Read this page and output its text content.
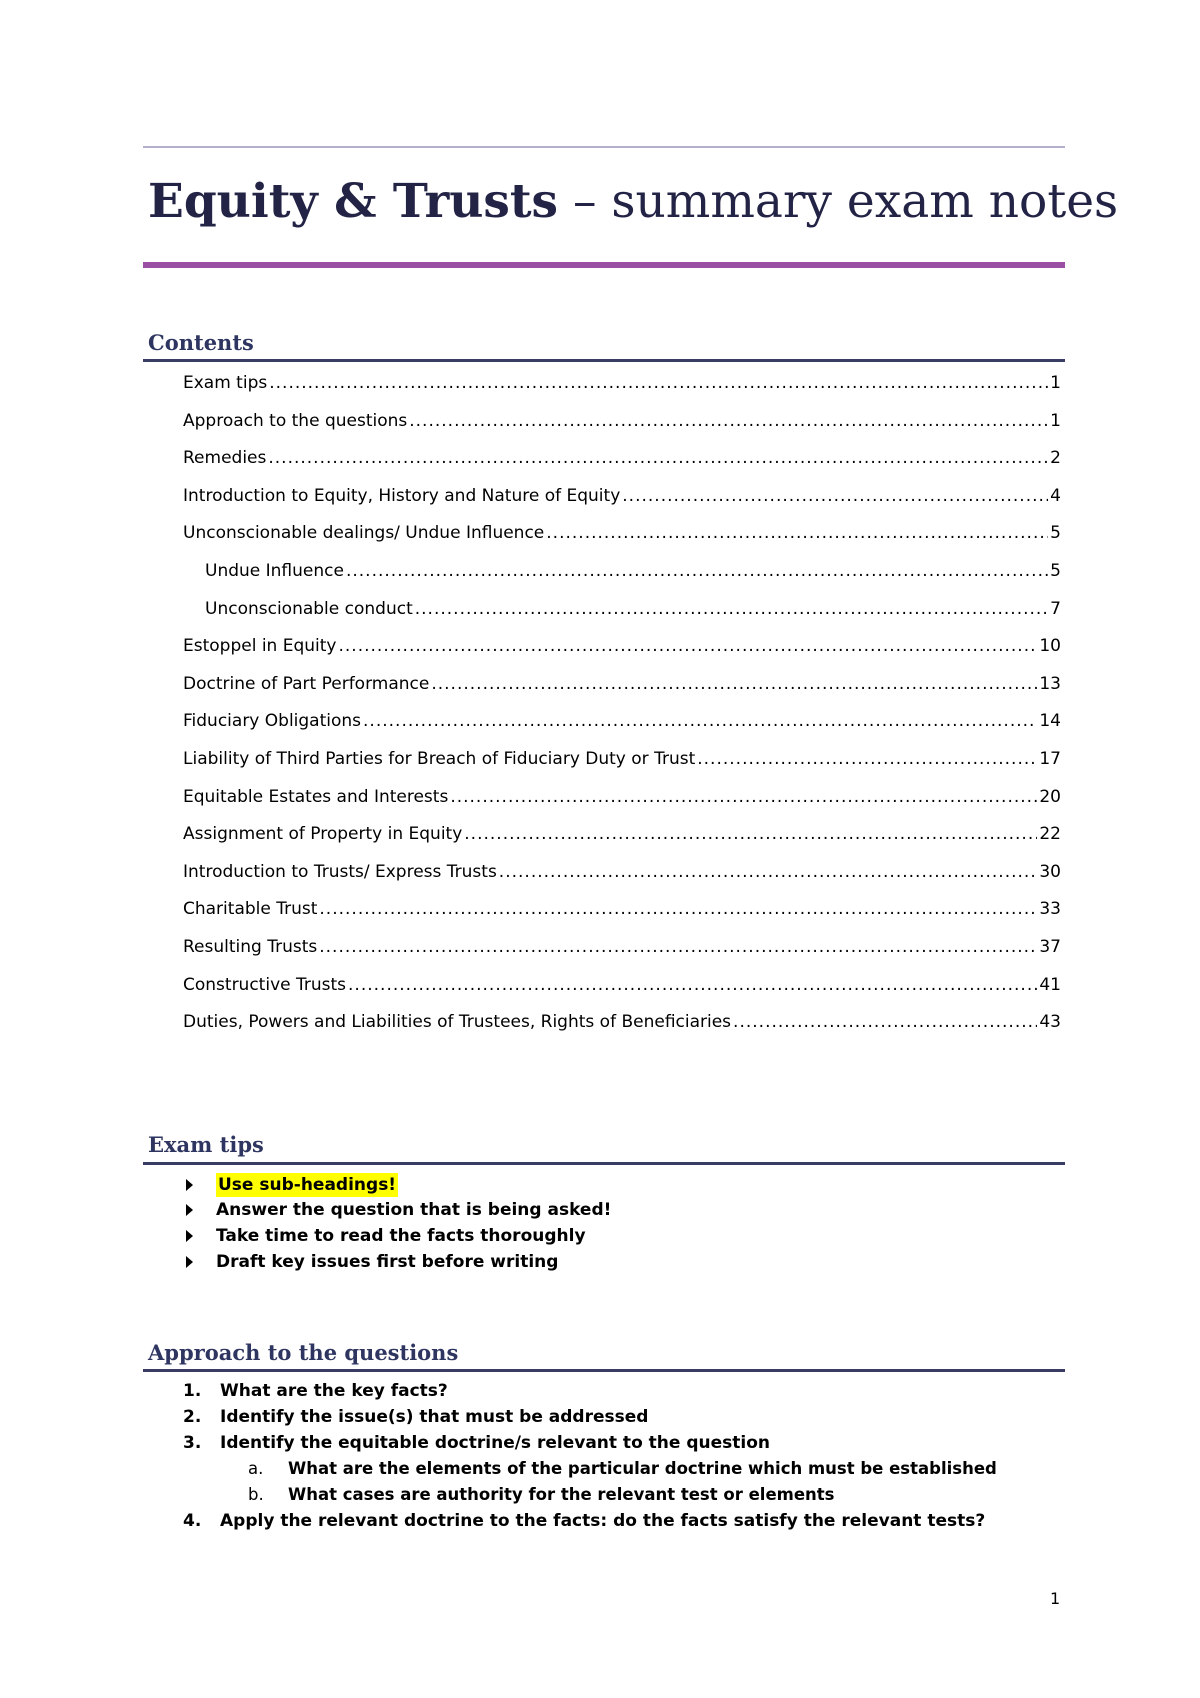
Equity & Trusts – summary exam notes
Contents
Exam tips .....	1
Approach to the questions .....	1
Remedies .....	2
Introduction to Equity, History and Nature of Equity .....	4
Unconscionable dealings/ Undue Influence .....	5
Undue Influence .....	5
Unconscionable conduct .....	7
Estoppel in Equity .....	10
Doctrine of Part Performance .....	13
Fiduciary Obligations .....	14
Liability of Third Parties for Breach of Fiduciary Duty or Trust .....	17
Equitable Estates and Interests .....	20
Assignment of Property in Equity .....	22
Introduction to Trusts/ Express Trusts .....	30
Charitable Trust .....	33
Resulting Trusts .....	37
Constructive Trusts .....	41
Duties, Powers and Liabilities of Trustees, Rights of Beneficiaries .....	43
Exam tips
Use sub-headings!
Answer the question that is being asked!
Take time to read the facts thoroughly
Draft key issues first before writing
Approach to the questions
1.	What are the key facts?
2.	Identify the issue(s) that must be addressed
3.	Identify the equitable doctrine/s relevant to the question
a.	What are the elements of the particular doctrine which must be established
b.	What cases are authority for the relevant test or elements
4.	Apply the relevant doctrine to the facts: do the facts satisfy the relevant tests?
1
